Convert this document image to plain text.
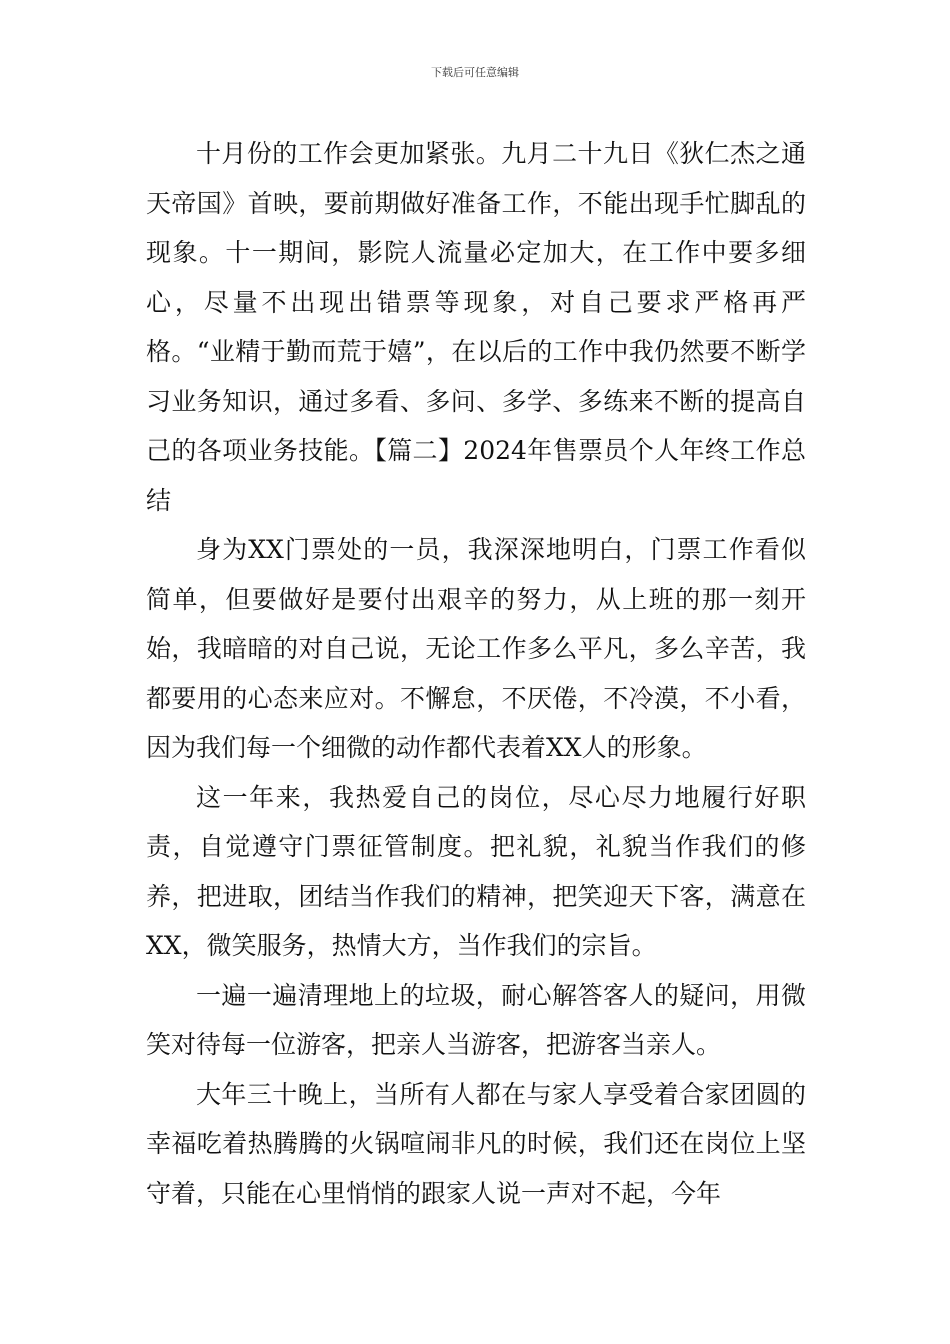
下载后可任意编辑

十月份的工作会更加紧张。九月二十九日《狄仁杰之通天帝国》首映，要前期做好准备工作，不能出现手忙脚乱的现象。十一期间，影院人流量必定加大，在工作中要多细心，尽量不出现出错票等现象，对自己要求严格再严格。“业精于勤而荒于嬉”，在以后的工作中我仍然要不断学习业务知识，通过多看、多问、多学、多练来不断的提高自己的各项业务技能。【篇二】2024年售票员个人年终工作总结

身为XX门票处的一员，我深深地明白，门票工作看似简单，但要做好是要付出艰辛的努力，从上班的那一刻开始，我暗暗的对自己说，无论工作多么平凡，多么辛苦，我都要用的心态来应对。不懈怠，不厌倦，不冷漠，不小看，因为我们每一个细微的动作都代表着XX人的形象。

这一年来，我热爱自己的岗位，尽心尽力地履行好职责，自觉遵守门票征管制度。把礼貌，礼貌当作我们的修养，把进取，团结当作我们的精神，把笑迎天下客，满意在XX，微笑服务，热情大方，当作我们的宗旨。

一遍一遍清理地上的垃圾，耐心解答客人的疑问，用微笑对待每一位游客，把亲人当游客，把游客当亲人。

大年三十晚上，当所有人都在与家人享受着合家团圆的幸福吃着热腾腾的火锅喧闹非凡的时候，我们还在岗位上坚守着，只能在心里悄悄的跟家人说一声对不起，今年
